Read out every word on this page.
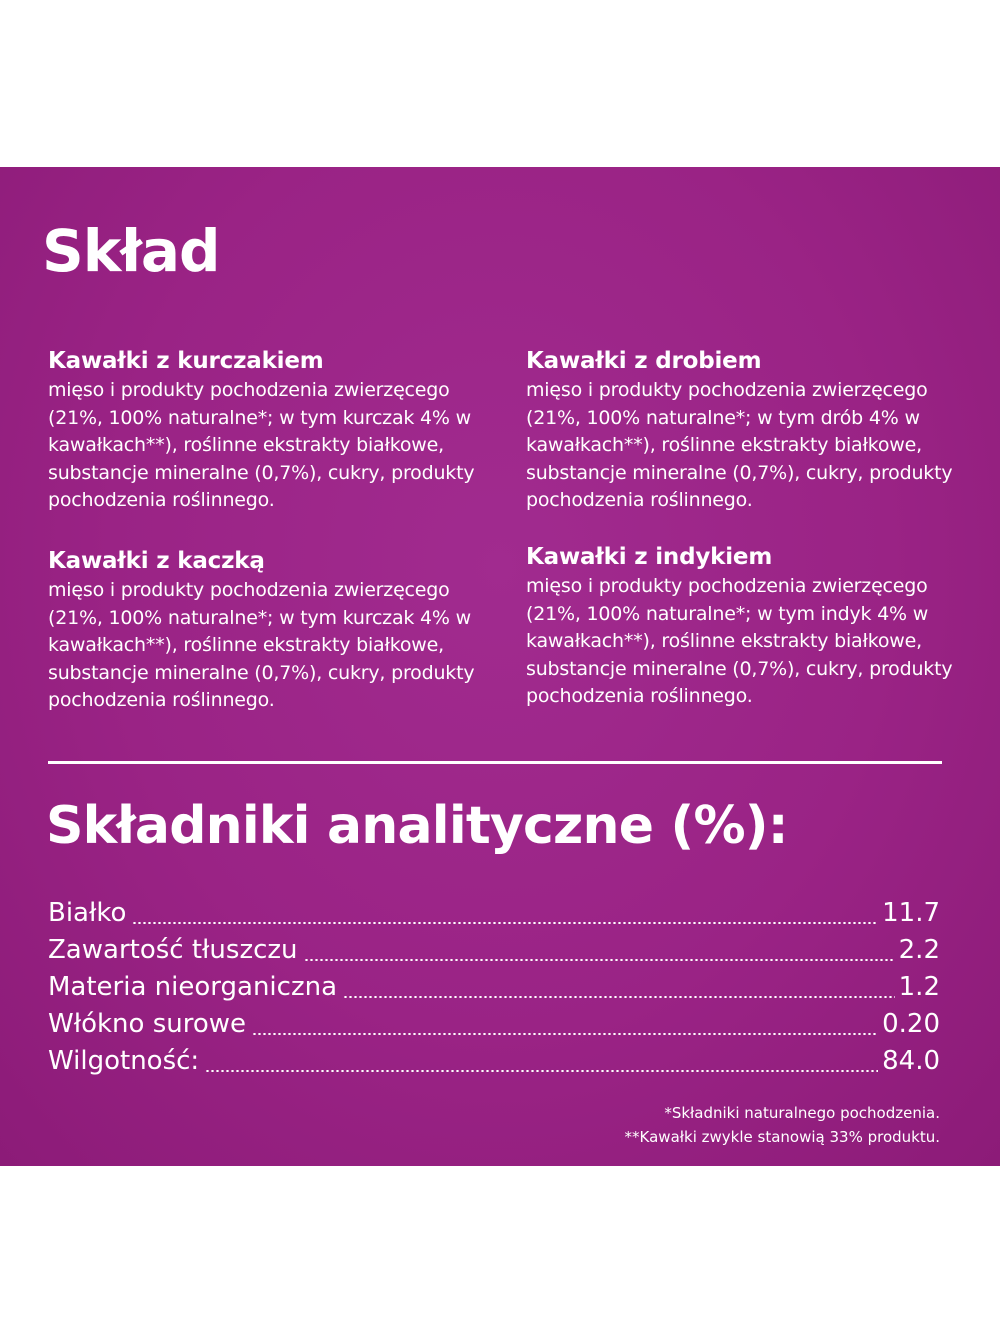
Skład
Kawałki z kurczakiem

mięso i produkty pochodzenia zwierzęcego (21%, 100% naturalne*; w tym kurczak 4% w kawałkach**), roślinne ekstrakty białkowe, substancje mineralne (0,7%), cukry, produkty pochodzenia roślinnego.

Kawałki z drobiem

mięso i produkty pochodzenia zwierzęcego (21%, 100% naturalne*; w tym drób 4% w kawałkach**), roślinne ekstrakty białkowe, substancje mineralne (0,7%), cukry, produkty pochodzenia roślinnego.

Kawałki z kaczką

mięso i produkty pochodzenia zwierzęcego (21%, 100% naturalne*; w tym kurczak 4% w kawałkach**), roślinne ekstrakty białkowe, substancje mineralne (0,7%), cukry, produkty pochodzenia roślinnego.

Kawałki z indykiem

mięso i produkty pochodzenia zwierzęcego (21%, 100% naturalne*; w tym indyk 4% w kawałkach**), roślinne ekstrakty białkowe, substancje mineralne (0,7%), cukry, produkty pochodzenia roślinnego.

Składniki analityczne (%):
Białko	11.7
Zawartość tłuszczu	2.2
Materia nieorganiczna	1.2
Włókno surowe	0.20
Wilgotność:	84.0
*Składniki naturalnego pochodzenia.
**Kawałki zwykle stanowią 33% produktu.
